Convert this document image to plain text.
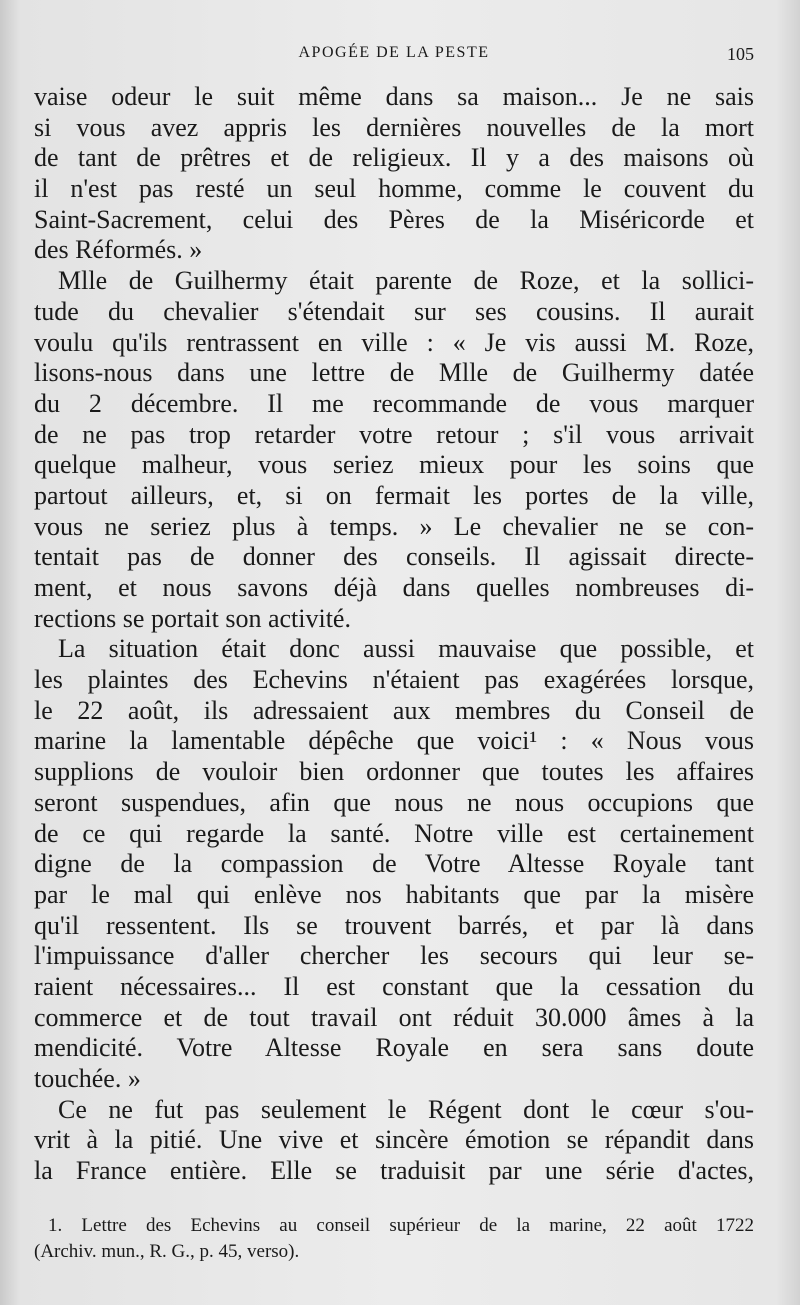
APOGÉE DE LA PESTE	105
vaise odeur le suit même dans sa maison... Je ne sais
si vous avez appris les dernières nouvelles de la mort
de tant de prêtres et de religieux. Il y a des maisons où
il n'est pas resté un seul homme, comme le couvent du
Saint-Sacrement, celui des Pères de la Miséricorde et
des Réformés. »
Mlle de Guilhermy était parente de Roze, et la sollici-
tude du chevalier s'étendait sur ses cousins. Il aurait
voulu qu'ils rentrassent en ville : « Je vis aussi M. Roze,
lisons-nous dans une lettre de Mlle de Guilhermy datée
du 2 décembre. Il me recommande de vous marquer
de ne pas trop retarder votre retour ; s'il vous arrivait
quelque malheur, vous seriez mieux pour les soins que
partout ailleurs, et, si on fermait les portes de la ville,
vous ne seriez plus à temps. » Le chevalier ne se con-
tentait pas de donner des conseils. Il agissait directe-
ment, et nous savons déjà dans quelles nombreuses di-
rections se portait son activité.
La situation était donc aussi mauvaise que possible, et
les plaintes des Echevins n'étaient pas exagérées lorsque,
le 22 août, ils adressaient aux membres du Conseil de
marine la lamentable dépêche que voici¹ : « Nous vous
supplions de vouloir bien ordonner que toutes les affaires
seront suspendues, afin que nous ne nous occupions que
de ce qui regarde la santé. Notre ville est certainement
digne de la compassion de Votre Altesse Royale tant
par le mal qui enlève nos habitants que par la misère
qu'il ressentent. Ils se trouvent barrés, et par là dans
l'impuissance d'aller chercher les secours qui leur se-
raient nécessaires... Il est constant que la cessation du
commerce et de tout travail ont réduit 30.000 âmes à la
mendicité. Votre Altesse Royale en sera sans doute
touchée. »
Ce ne fut pas seulement le Régent dont le cœur s'ou-
vrit à la pitié. Une vive et sincère émotion se répandit dans
la France entière. Elle se traduisit par une série d'actes,
1. Lettre des Echevins au conseil supérieur de la marine, 22 août 1722
(Archiv. mun., R. G., p. 45, verso).
